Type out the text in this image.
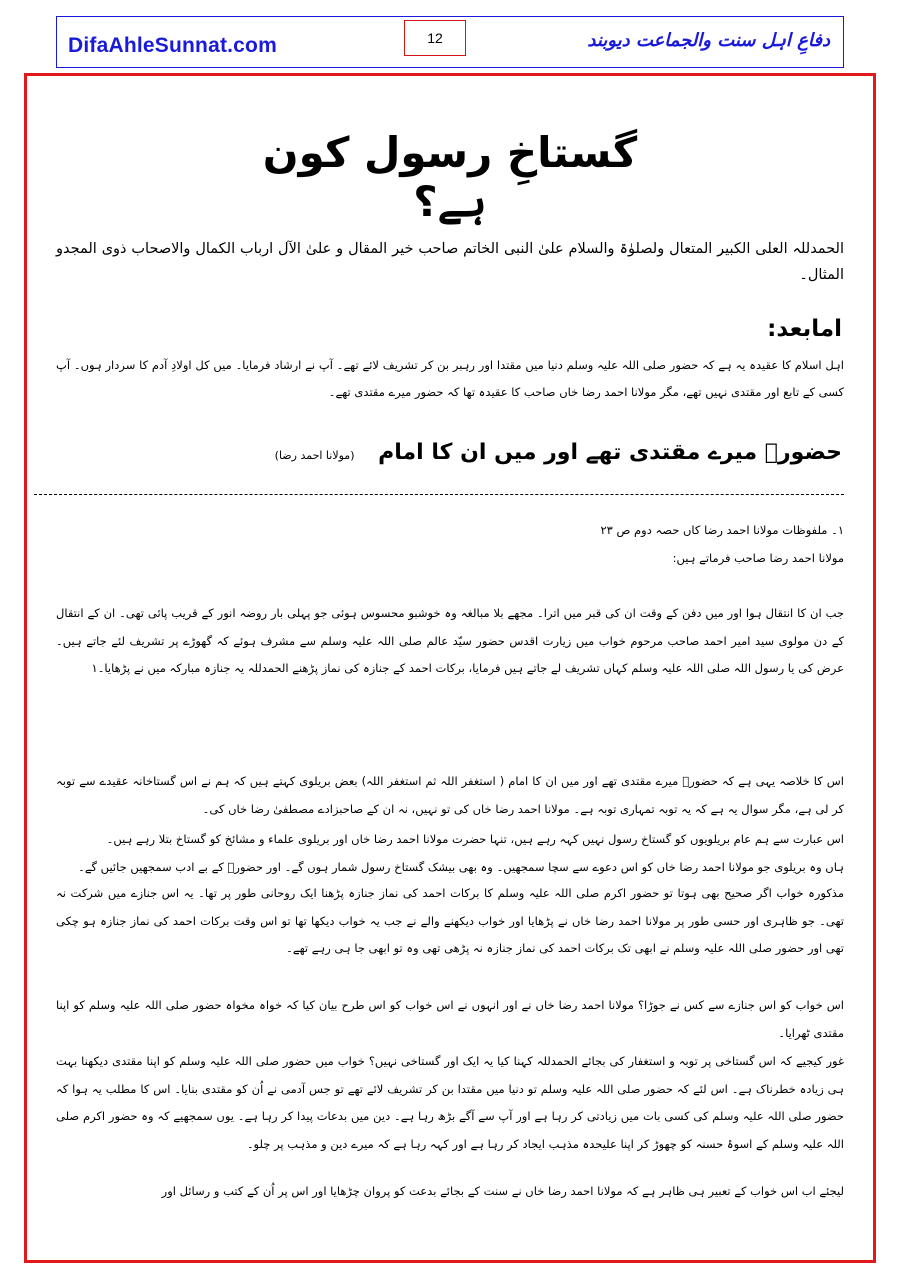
DifaAhleSunnat.com	12	دفاعِ اہل سنت والجماعت دیوبند
گستاخِ رسول کون ہے؟
الحمدللہ العلی الکبیر المتعال ولصلوٰۃ والسلام علیٰ النبی الخاتم صاحب خیر المقال و علیٰ الآل ارباب الکمال والاصحاب ذوی المجدو المثال۔
امابعد:
اہل اسلام کا عقیدہ یہ ہے کہ حضور صلی اللہ علیہ وسلم دنیا میں مقتدا اور رہبر بن کر تشریف لائے تھے۔ آپ نے ارشاد فرمایا۔ میں کل اولادِ آدم کا سردار ہوں۔ آپ کسی کے تابع اور مقتدی نہیں تھے، مگر مولانا احمد رضا خاں صاحب کا عقیدہ تھا کہ حضور میرے مقتدی تھے۔
حضورؐ میرے مقتدی تھے اور میں ان کا امام (مولانا احمد رضا)
۱۔ ملفوظات مولانا احمد رضا کاں حصہ دوم ص ۲۳
مولانا احمد رضا صاحب فرماتے ہیں:
جب ان کا انتقال ہوا اور میں دفن کے وقت ان کی قبر میں اترا۔ مجھے بلا مبالغہ وہ خوشبو محسوس ہوئی جو پہلی بار روضہ انور کے قریب پائی تھی۔ ان کے انتقال کے دن مولوی سید امیر احمد صاحب مرحوم خواب میں زیارت اقدس حضور سیّد عالم صلی اللہ علیہ وسلم سے مشرف ہوئے کہ گھوڑے پر تشریف لئے جاتے ہیں۔ عرض کی یا رسول اللہ صلی اللہ علیہ وسلم کہاں تشریف لے جاتے ہیں فرمایا، برکات احمد کے جنازہ کی نماز پڑھنے الحمدللہ یہ جنازہ مبارکہ میں نے پڑھایا۔۱
اس کا خلاصہ یہی ہے کہ حضورؐ میرے مقتدی تھے اور میں ان کا امام ( استغفر اللہ ثم استغفر اللہ) بعض بریلوی کہتے ہیں کہ ہم نے اس گستاخانہ عقیدے سے توبہ کر لی ہے، مگر سوال یہ ہے کہ یہ توبہ تمہاری توبہ ہے۔ مولانا احمد رضا خاں کی تو نہیں، نہ ان کے صاحبزادے مصطفیٰ رضا خاں کی۔
اس عبارت سے ہم عام بریلویوں کو گستاخ رسول نہیں کہہ رہے ہیں، تنہا حضرت مولانا احمد رضا خاں اور بریلوی علماء و مشائخ کو گستاخ بتلا رہے ہیں۔
ہاں وہ بریلوی جو مولانا احمد رضا خاں کو اس دعوے سے سچا سمجھیں۔ وہ بھی بیشک گستاخ رسول شمار ہوں گے۔ اور حضورؐ کے بے ادب سمجھیں جائیں گے۔
مذکورہ خواب اگر صحیح بھی ہوتا تو حضور اکرم صلی اللہ علیہ وسلم کا برکات احمد کی نماز جنازہ پڑھنا ایک روحانی طور پر تھا۔ یہ اس جنازے میں شرکت نہ تھی۔ جو ظاہری اور حسی طور پر مولانا احمد رضا خاں نے پڑھایا اور خواب دیکھنے والے نے جب یہ خواب دیکھا تھا تو اس وقت برکات احمد کی نماز جنازہ ہو چکی تھی اور حضور صلی اللہ علیہ وسلم نے ابھی تک برکات احمد کی نماز جنازہ نہ پڑھی تھی وہ تو ابھی جا ہی رہے تھے۔
اس خواب کو اس جنازے سے کس نے جوڑا؟ مولانا احمد رضا خاں نے اور انہوں نے اس خواب کو اس طرح بیان کیا کہ خواہ مخواہ حضور صلی اللہ علیہ وسلم کو اپنا مقتدی ٹھرایا۔
غور کیجیے کہ اس گستاخی پر توبہ و استغفار کی بجائے الحمدللہ کہنا کیا یہ ایک اور گستاخی نہیں؟ خواب میں حضور صلی اللہ علیہ وسلم کو اپنا مقتدی دیکھنا بہت ہی زیادہ خطرناک ہے۔ اس لئے کہ حضور صلی اللہ علیہ وسلم تو دنیا میں مقتدا بن کر تشریف لائے تھے تو جس آدمی نے اُن کو مقتدی بنایا۔ اس کا مطلب یہ ہوا کہ حضور صلی اللہ علیہ وسلم کی کسی بات میں زیادتی کر رہا ہے اور آپ سے آگے بڑھ رہا ہے۔ دین میں بدعات پیدا کر رہا ہے۔ یوں سمجھیے کہ وہ حضور اکرم صلی اللہ علیہ وسلم کے اسوۂ حسنہ کو چھوڑ کر اپنا علیحدہ مذہب ایجاد کر رہا ہے اور کہہ رہا ہے کہ میرے دین و مذہب پر چلو۔
لیجئے اب اس خواب کے تعبیر ہی ظاہر ہے کہ مولانا احمد رضا خاں نے سنت کے بجائے بدعت کو پروان چڑھایا اور اس پر اُن کے کتب و رسائل اور
